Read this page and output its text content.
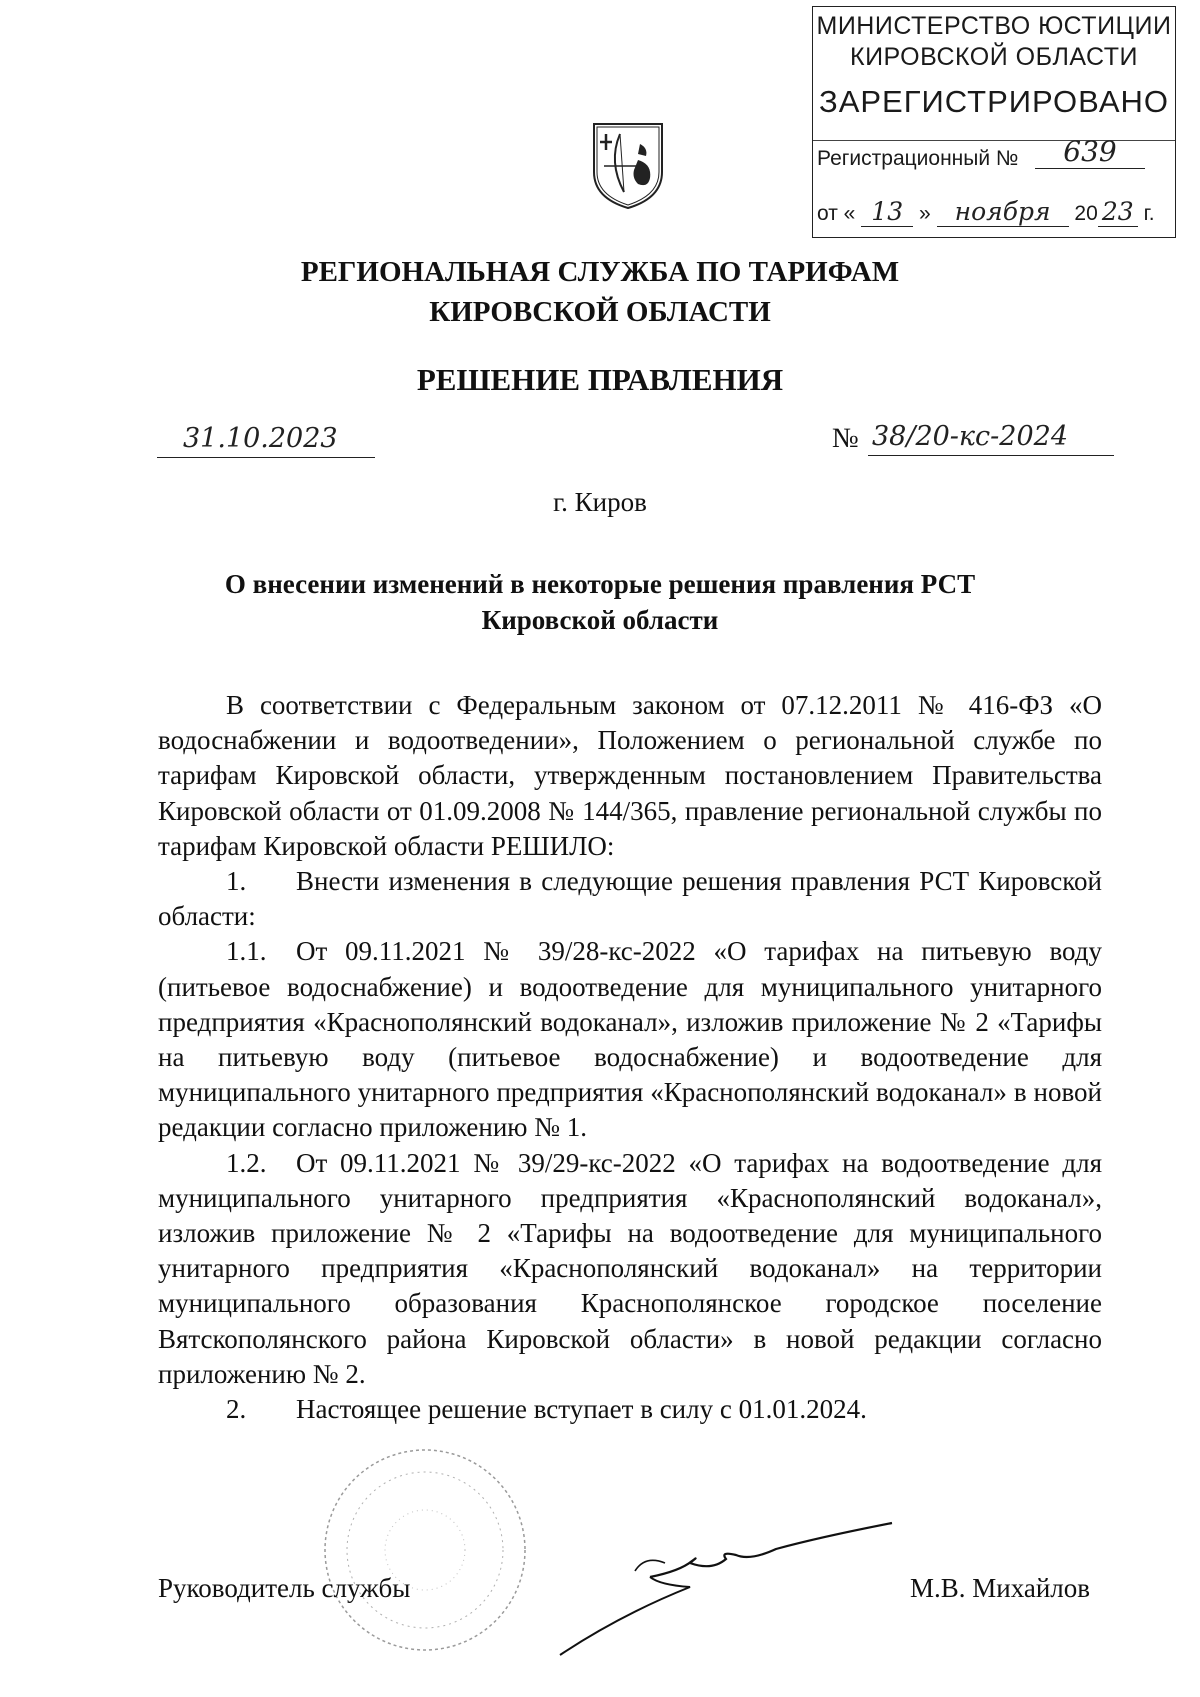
МИНИСТЕРСТВО ЮСТИЦИИ
КИРОВСКОЙ ОБЛАСТИ
ЗАРЕГИСТРИРОВАНО
Регистрационный №	639
от « 13 » ноября 20 23 г.
РЕГИОНАЛЬНАЯ СЛУЖБА ПО ТАРИФАМ
КИРОВСКОЙ ОБЛАСТИ
РЕШЕНИЕ ПРАВЛЕНИЯ
31.10.2023	№ 38/20-кс-2024
г. Киров
О внесении изменений в некоторые решения правления РСТ
Кировской области

В соответствии с Федеральным законом от 07.12.2011 № 416-ФЗ «О водоснабжении и водоотведении», Положением о региональной службе по тарифам Кировской области, утвержденным постановлением Правительства Кировской области от 01.09.2008 № 144/365, правление региональной службы по тарифам Кировской области РЕШИЛО:

1. Внести изменения в следующие решения правления РСТ Кировской области:

1.1. От 09.11.2021 № 39/28-кс-2022 «О тарифах на питьевую воду (питьевое водоснабжение) и водоотведение для муниципального унитарного предприятия «Краснополянский водоканал», изложив приложение № 2 «Тарифы на питьевую воду (питьевое водоснабжение) и водоотведение для муниципального унитарного предприятия «Краснополянский водоканал» в новой редакции согласно приложению № 1.

1.2. От 09.11.2021 № 39/29-кс-2022 «О тарифах на водоотведение для муниципального унитарного предприятия «Краснополянский водоканал», изложив приложение № 2 «Тарифы на водоотведение для муниципального унитарного предприятия «Краснополянский водоканал» на территории муниципального образования Краснополянское городское поселение Вятскополянского района Кировской области» в новой редакции согласно приложению № 2.

2. Настоящее решение вступает в силу с 01.01.2024.

Руководитель службы	М.В. Михайлов
